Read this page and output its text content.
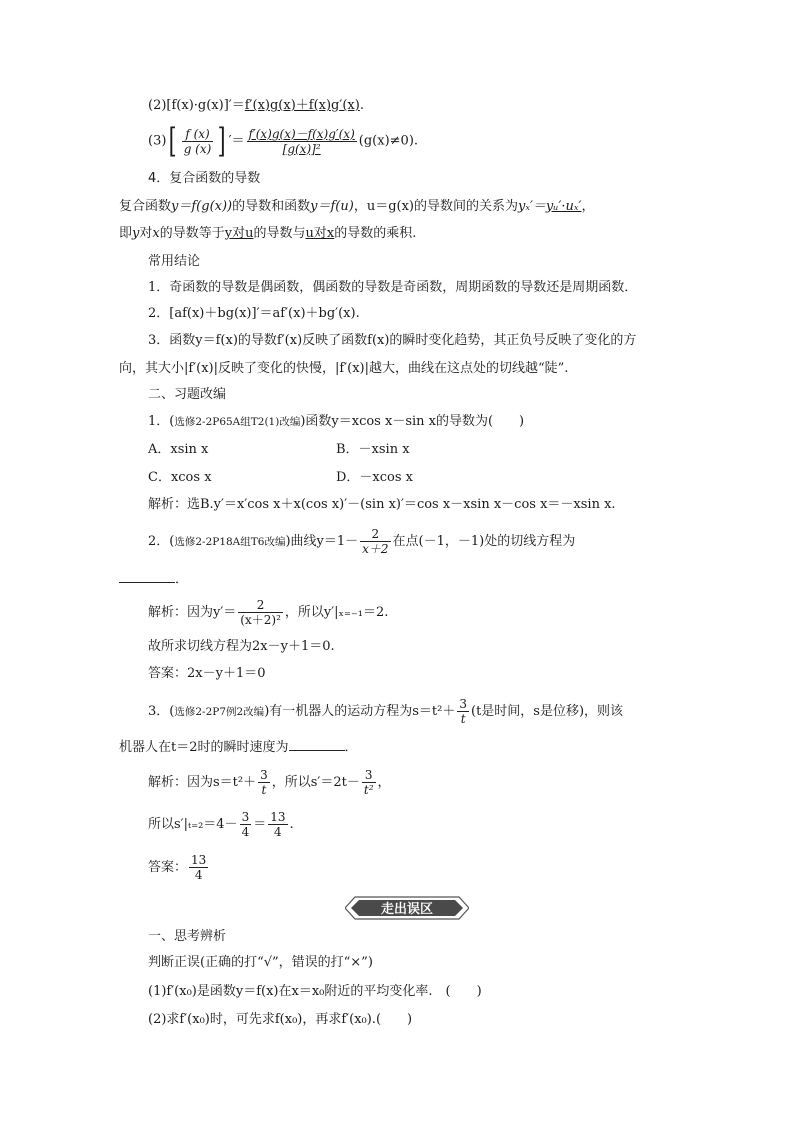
(2)[f(x)·g(x)]′＝f′(x)g(x)＋f(x)g′(x).
$(3)[ \frac{f (x)}{g (x)}$ ] ′＝ $\frac{f'(x)g(x)-f(x)g'(x)}{\text{[g(x)]²}} (g(x)\ne 0)$.
4．复合函数的导数
复合函数y＝f(g(x))的导数和函数y＝f(u)，u＝g(x)的导数间的关系为yₓ′＝yᵤ′·uₓ′，
即y对x的导数等于y对u的导数与u对x的导数的乘积.
常用结论
1．奇函数的导数是偶函数，偶函数的导数是奇函数，周期函数的导数还是周期函数．
2．[af(x)＋bg(x)]′＝af′(x)＋bg′(x).
3．函数y＝f(x)的导数f′(x)反映了函数f(x)的瞬时变化趋势，其正负号反映了变化的方
向，其大小|f′(x)|反映了变化的快慢，|f′(x)|越大，曲线在这点处的切线越“陡”.
二、习题改编
1．(选修2-2P65A组T2(1)改编)函数y＝xcos x－sin x的导数为(　　)
A．xsin x	B．－xsin x
C．xcos x	D．－xcos x
解析：选B.y′＝x′cos x＋x(cos x)′－(sin x)′＝cos x－xsin x－cos x＝－xsin x.
2．(选修2-2P18A组T6改编)曲线$y=1- \frac{2}{x+2}$ 在点(－1，－1)处的切线方程为
．
解析：因为$y'= \frac{2}{\text{(x＋2)²}}$ ，所以y′|ₓ₌₋₁＝2.
故所求切线方程为2x－y＋1＝0.
答案：2x－y＋1＝0
3．(选修2-2P7例2改编)有一机器人的运动方程为$s=t^2+ \frac{3}{t} (t$是时间，s是位移)，则该
机器人在t＝2时的瞬时速度为	．
解析：因为$s=t^2+ \frac{3}{t}$ ，所以$s'=2t- \frac{3}{\text{t²}}$ ，
所以$s'|_{t=2}=4- \frac{3}{4} = \frac{13}{4}$ .
答案： $\frac{13}{4}$
走出误区
一、思考辨析
判断正误(正确的打“√”，错误的打“×”)
(1)f′(x₀)是函数y＝f(x)在x＝x₀附近的平均变化率.　(　　)
(2)求f′(x₀)时，可先求f(x₀)，再求f′(x₀).(　　)
